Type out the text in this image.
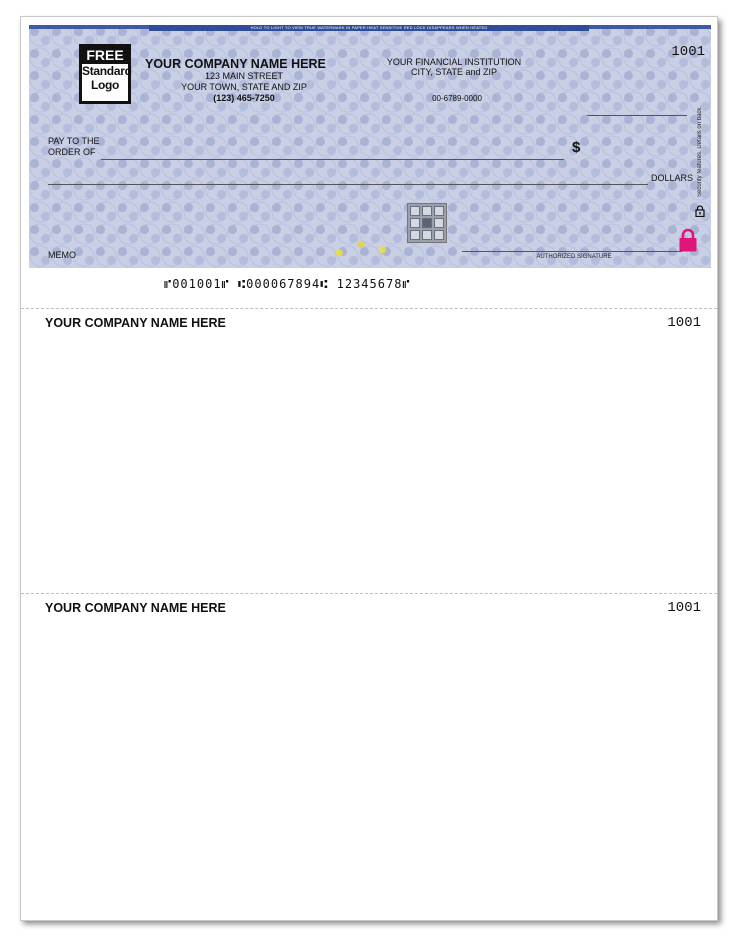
HOLD TO LIGHT TO VIEW TRUE WATERMARK IN PAPER HEAT SENSITIVE RED LOCK DISAPPEARS WHEN HEATED
FREE
Standard
Logo
YOUR COMPANY NAME HERE
123 MAIN STREET
YOUR TOWN, STATE AND ZIP
(123) 465-7250
YOUR FINANCIAL INSTITUTION
CITY, STATE and ZIP
00-6789-0000
1001
PAY TO THE
ORDER OF	$
DOLLARS Security features. Details on back.
MEMO	AUTHORIZED SIGNATURE
⑈001001⑈ ⑆000067894⑆ 12345678⑈
YOUR COMPANY NAME HERE	1001
YOUR COMPANY NAME HERE	1001
